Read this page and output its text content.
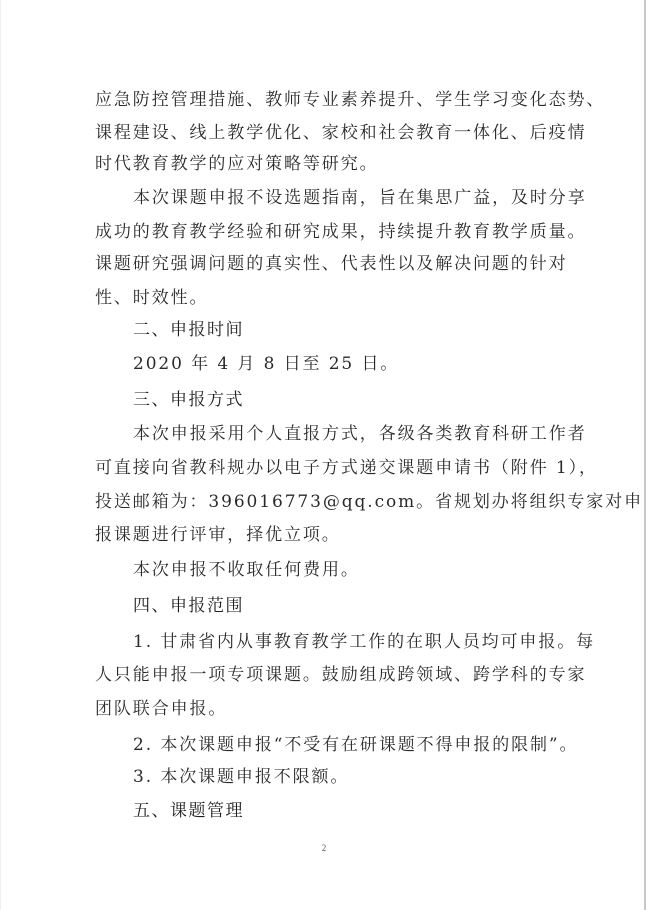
应急防控管理措施、教师专业素养提升、学生学习变化态势、
课程建设、线上教学优化、家校和社会教育一体化、后疫情
时代教育教学的应对策略等研究。
本次课题申报不设选题指南，旨在集思广益，及时分享
成功的教育教学经验和研究成果，持续提升教育教学质量。
课题研究强调问题的真实性、代表性以及解决问题的针对
性、时效性。
二、申报时间
2020 年 4 月 8 日至 25 日。
三、申报方式
本次申报采用个人直报方式，各级各类教育科研工作者
可直接向省教科规办以电子方式递交课题申请书（附件 1），
投送邮箱为：396016773@qq.com。省规划办将组织专家对申
报课题进行评审，择优立项。
本次申报不收取任何费用。
四、申报范围
1. 甘肃省内从事教育教学工作的在职人员均可申报。每
人只能申报一项专项课题。鼓励组成跨领域、跨学科的专家
团队联合申报。
2. 本次课题申报“不受有在研课题不得申报的限制”。
3. 本次课题申报不限额。
五、课题管理
2
